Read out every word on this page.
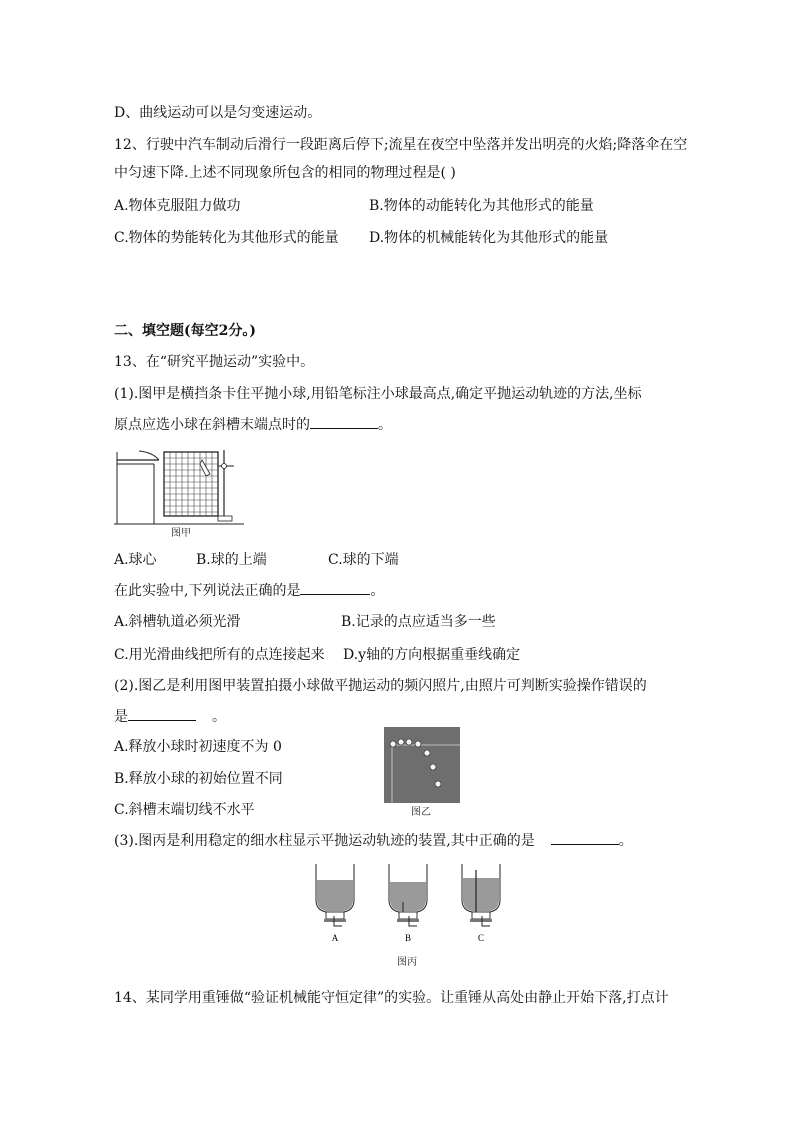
D、曲线运动可以是匀变速运动。
12、行驶中汽车制动后滑行一段距离后停下;流星在夜空中坠落并发出明亮的火焰;降落伞在空
中匀速下降.上述不同现象所包含的相同的物理过程是( )
A.物体克服阻力做功	B.物体的动能转化为其他形式的能量
C.物体的势能转化为其他形式的能量 D.物体的机械能转化为其他形式的能量
二、填空题(每空2分。)
13、在“研究平抛运动”实验中。
(1).图甲是横挡条卡住平抛小球,用铅笔标注小球最高点,确定平抛运动轨迹的方法,坐标
原点应选小球在斜槽末端点时的	。
图甲
A.球心	B.球的上端	C.球的下端
在此实验中,下列说法正确的是	。
A.斜槽轨道必须光滑	B.记录的点应适当多一些
C.用光滑曲线把所有的点连接起来 D.y轴的方向根据重垂线确定
(2).图乙是利用图甲装置拍摄小球做平抛运动的频闪照片,由照片可判断实验操作错误的
是	。
A.释放小球时初速度不为 0
B.释放小球的初始位置不同
C.斜槽末端切线不水平	图乙
(3).图丙是利用稳定的细水柱显示平抛运动轨迹的装置,其中正确的是	。
A	B	C
图丙
14、某同学用重锤做“验证机械能守恒定律”的实验。让重锤从高处由静止开始下落,打点计
